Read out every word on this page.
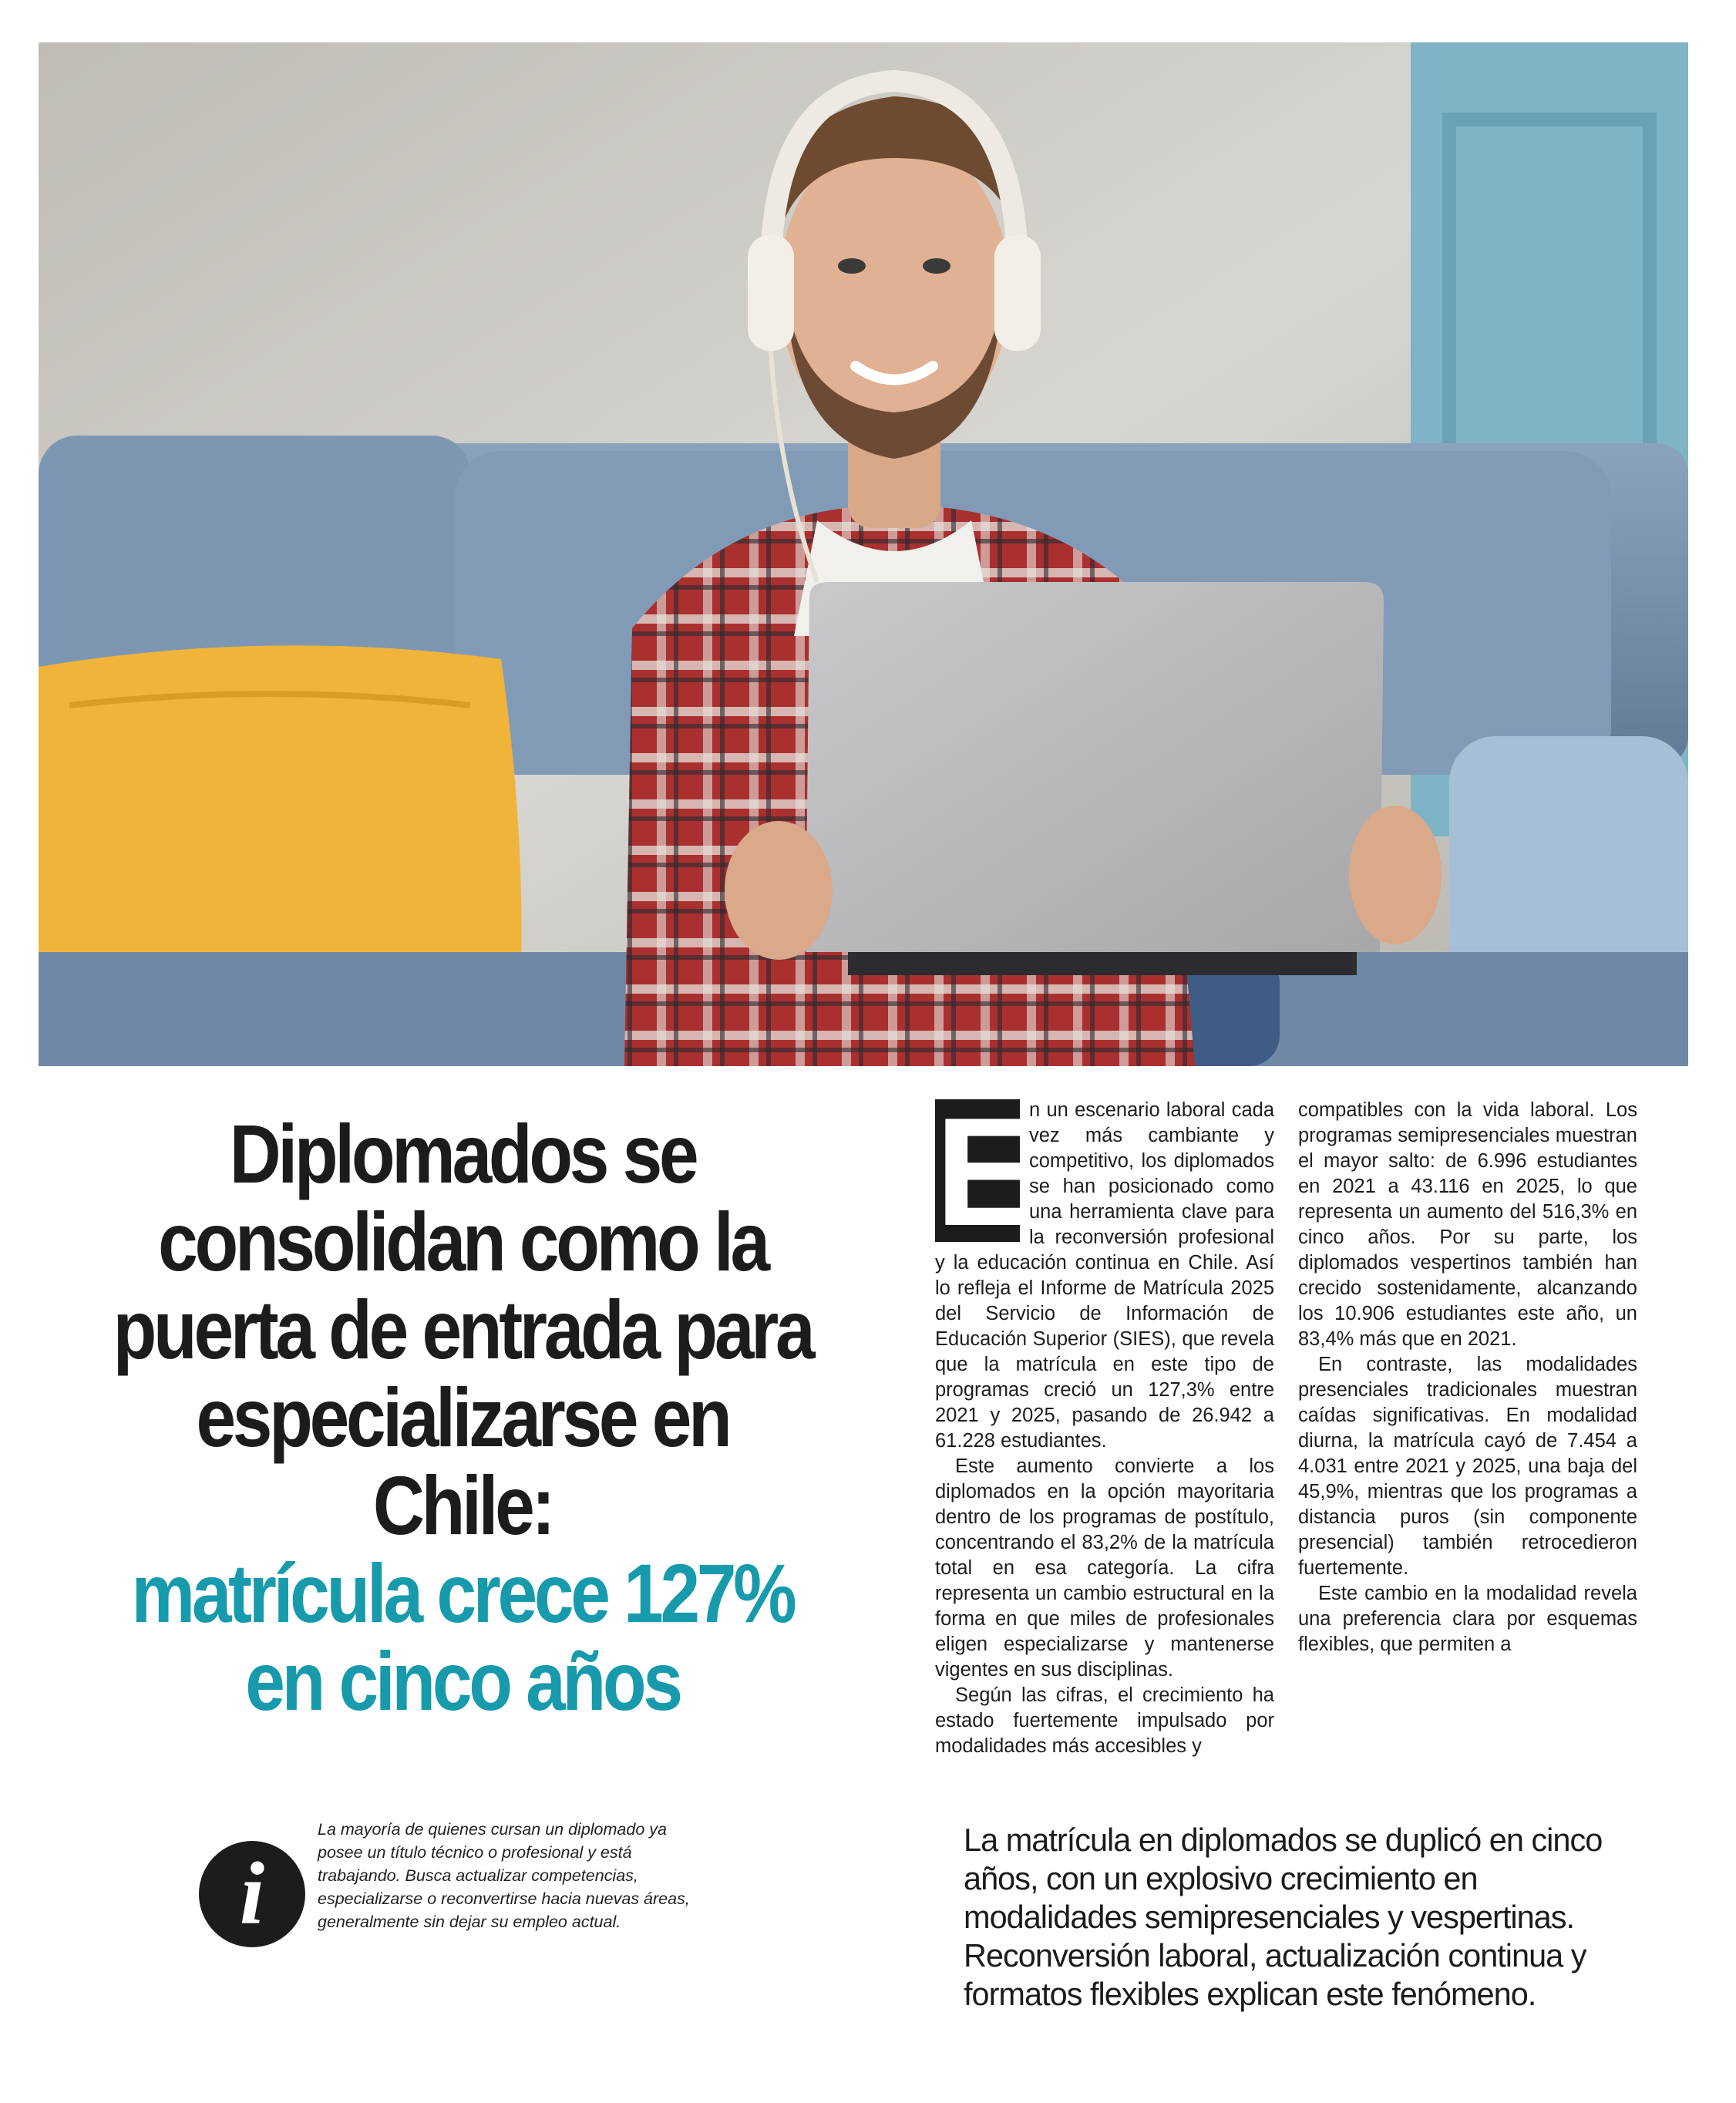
Diplomados se consolidan como la puerta de entrada para especializarse en Chile:
matrícula crece 127% en cinco años

E
n un escenario laboral cada vez más cambiante y competitivo, los diplomados se han posicionado como una herramienta clave para la reconversión profesional y la educación continua en Chile. Así lo refleja el Informe de Matrícula 2025 del Servicio de Información de Educación Superior (SIES), que revela que la matrícula en este tipo de programas creció un 127,3% entre 2021 y 2025, pasando de 26.942 a 61.228 estudiantes.

Este aumento convierte a los diplomados en la opción mayoritaria dentro de los programas de postítulo, concentrando el 83,2% de la matrícula total en esa categoría. La cifra representa un cambio estructural en la forma en que miles de profesionales eligen especializarse y mantenerse vigentes en sus disciplinas.

Según las cifras, el crecimiento ha estado fuertemente impulsado por modalidades más accesibles y

compatibles con la vida laboral. Los programas semipresenciales muestran el mayor salto: de 6.996 estudiantes en 2021 a 43.116 en 2025, lo que representa un aumento del 516,3% en cinco años. Por su parte, los diplomados vespertinos también han crecido sostenidamente, alcanzando los 10.906 estudiantes este año, un 83,4% más que en 2021.

En contraste, las modalidades presenciales tradicionales muestran caídas significativas. En modalidad diurna, la matrícula cayó de 7.454 a 4.031 entre 2021 y 2025, una baja del 45,9%, mientras que los programas a distancia puros (sin componente presencial) también retrocedieron fuertemente.

Este cambio en la modalidad revela una preferencia clara por esquemas flexibles, que permiten a

i
La mayoría de quienes cursan un diplomado ya posee un título técnico o profesional y está trabajando. Busca actualizar competencias, especializarse o reconvertirse hacia nuevas áreas, generalmente sin dejar su empleo actual.
La matrícula en diplomados se duplicó en cinco años, con un explosivo crecimiento en modalidades semipresenciales y vespertinas. Reconversión laboral, actualización continua y formatos flexibles explican este fenómeno.
